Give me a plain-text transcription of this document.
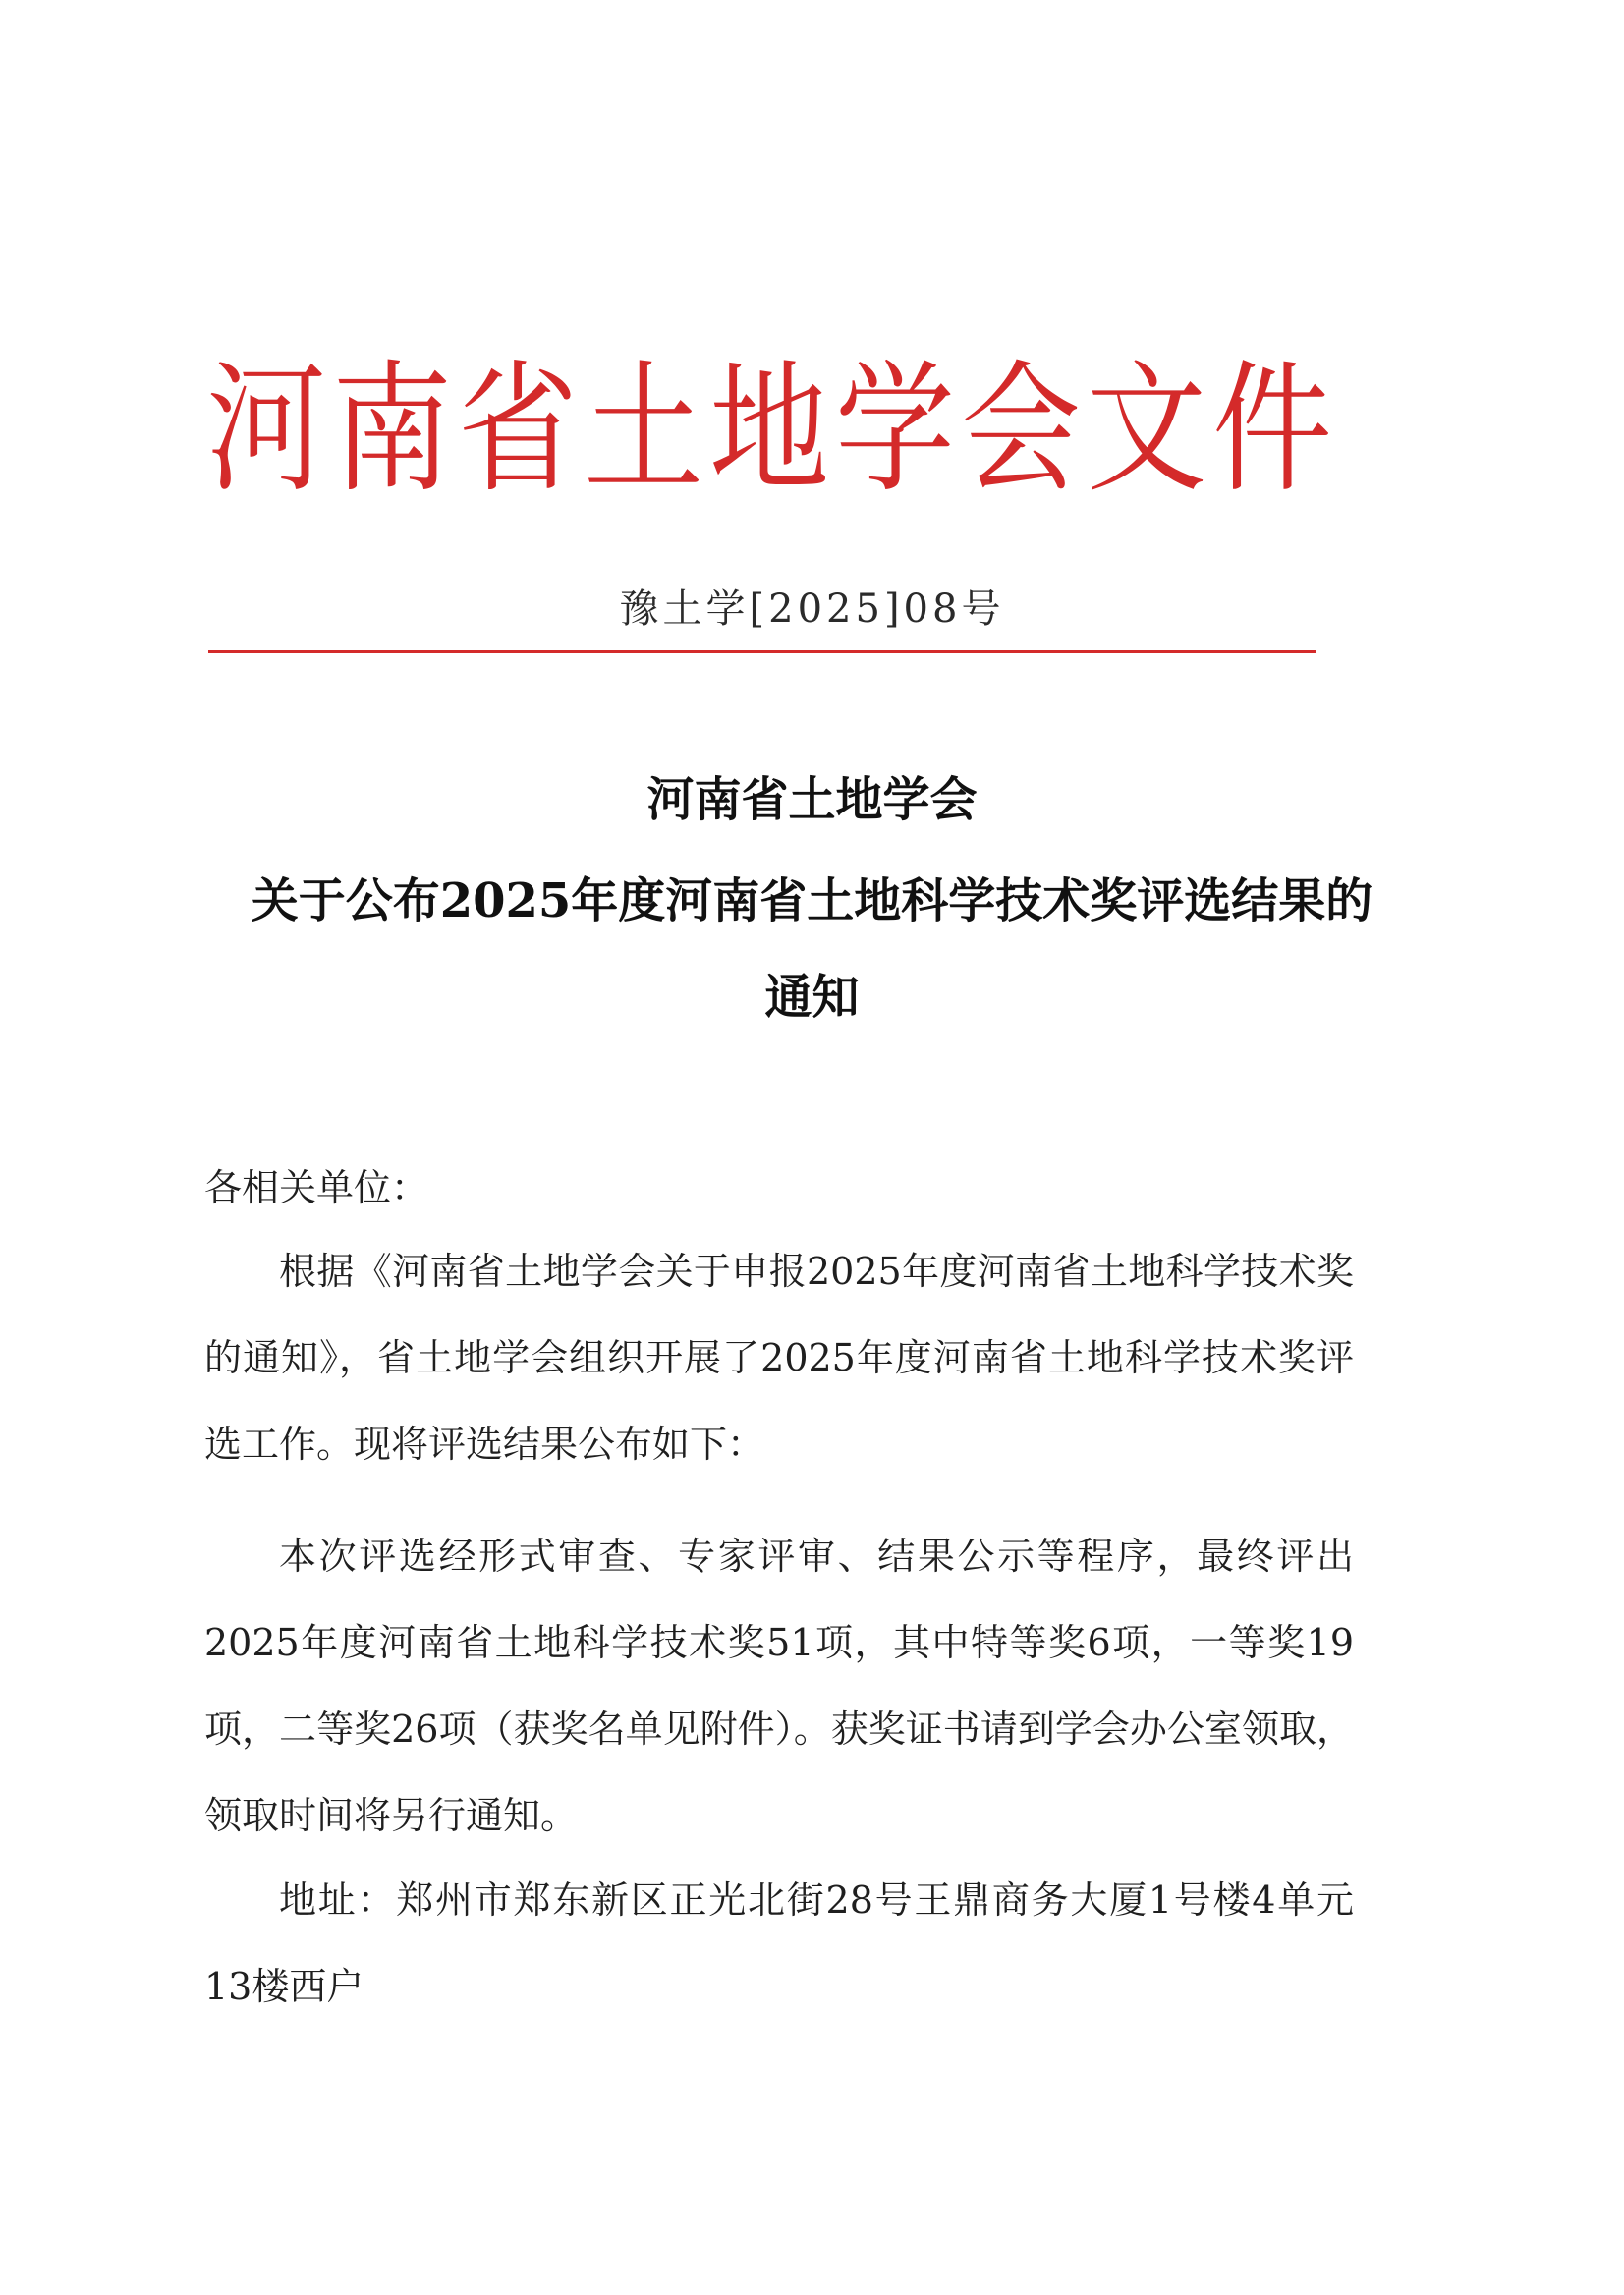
河南省土地学会文件
豫土学[2025]08号
河南省土地学会
关于公布2025年度河南省土地科学技术奖评选结果的
通知
各相关单位：
根据《河南省土地学会关于申报2025年度河南省土地科学技术奖的通知》，省土地学会组织开展了2025年度河南省土地科学技术奖评选工作。现将评选结果公布如下：
本次评选经形式审查、专家评审、结果公示等程序，最终评出2025年度河南省土地科学技术奖51项，其中特等奖6项，一等奖19项，二等奖26项（获奖名单见附件）。获奖证书请到学会办公室领取，领取时间将另行通知。
地址：郑州市郑东新区正光北街28号王鼎商务大厦1号楼4单元13楼西户
